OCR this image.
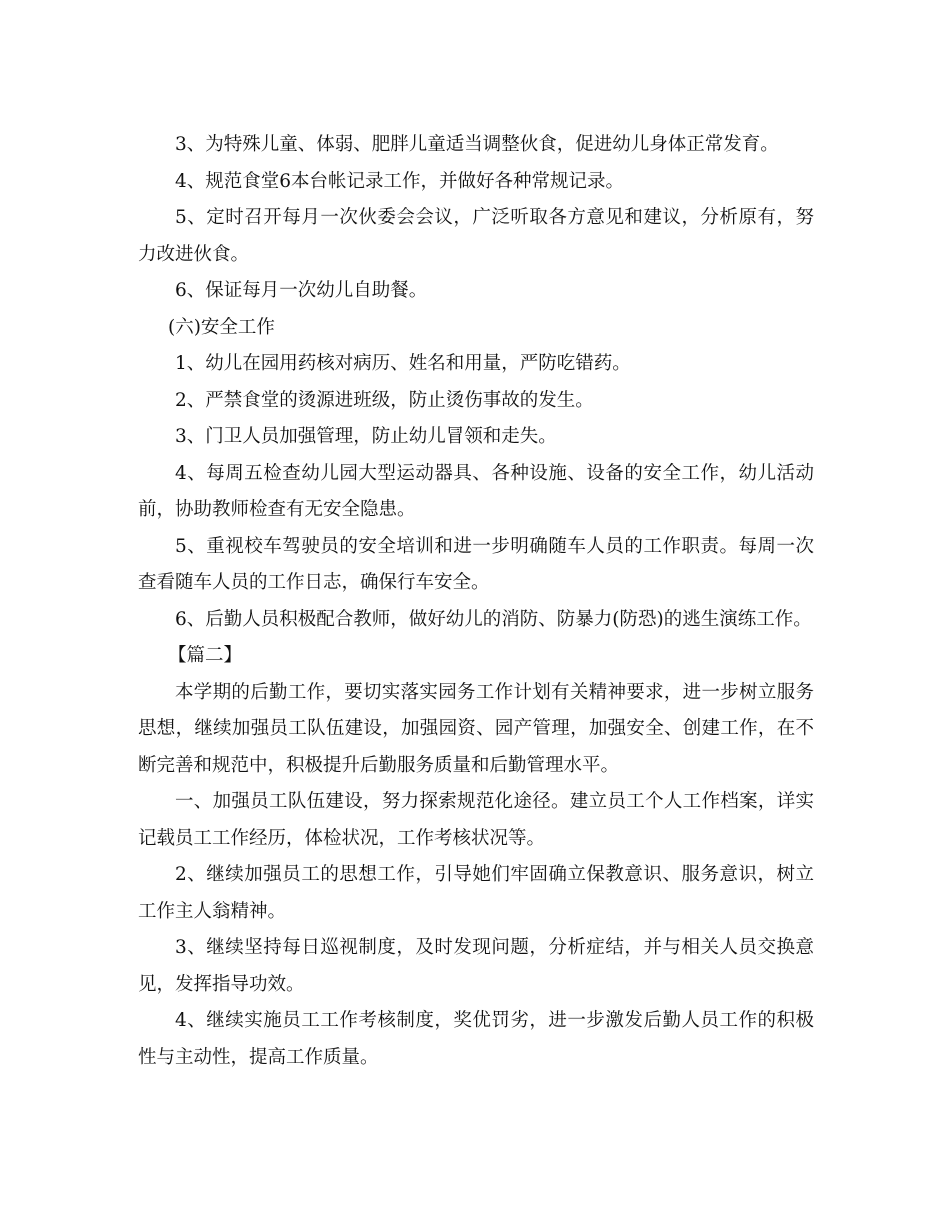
3、为特殊儿童、体弱、肥胖儿童适当调整伙食，促进幼儿身体正常发育。

4、规范食堂6本台帐记录工作，并做好各种常规记录。

5、定时召开每月一次伙委会会议，广泛听取各方意见和建议，分析原有，努力改进伙食。

6、保证每月一次幼儿自助餐。

(六)安全工作

1、幼儿在园用药核对病历、姓名和用量，严防吃错药。

2、严禁食堂的烫源进班级，防止烫伤事故的发生。

3、门卫人员加强管理，防止幼儿冒领和走失。

4、每周五检查幼儿园大型运动器具、各种设施、设备的安全工作，幼儿活动前，协助教师检查有无安全隐患。

5、重视校车驾驶员的安全培训和进一步明确随车人员的工作职责。每周一次查看随车人员的工作日志，确保行车安全。

6、后勤人员积极配合教师，做好幼儿的消防、防暴力(防恐)的逃生演练工作。

【篇二】

本学期的后勤工作，要切实落实园务工作计划有关精神要求，进一步树立服务思想，继续加强员工队伍建设，加强园资、园产管理，加强安全、创建工作，在不断完善和规范中，积极提升后勤服务质量和后勤管理水平。

一、加强员工队伍建设，努力探索规范化途径。建立员工个人工作档案，详实记载员工工作经历，体检状况，工作考核状况等。

2、继续加强员工的思想工作，引导她们牢固确立保教意识、服务意识，树立工作主人翁精神。

3、继续坚持每日巡视制度，及时发现问题，分析症结，并与相关人员交换意见，发挥指导功效。

4、继续实施员工工作考核制度，奖优罚劣，进一步激发后勤人员工作的积极性与主动性，提高工作质量。
